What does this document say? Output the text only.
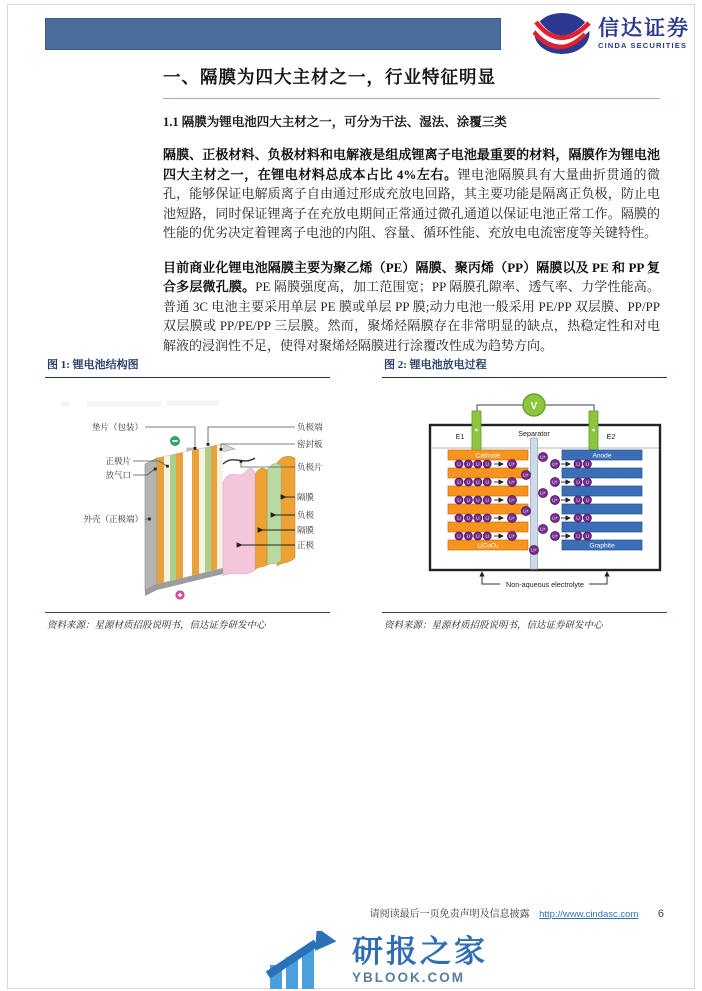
信达证券
CINDA SECURITIES
一、隔膜为四大主材之一，行业特征明显
1.1 隔膜为锂电池四大主材之一，可分为干法、湿法、涂覆三类

隔膜、正极材料、负极材料和电解液是组成锂离子电池最重要的材料，隔膜作为锂电池四大主材之一，在锂电材料总成本占比 4%左右。锂电池隔膜具有大量曲折贯通的微孔，能够保证电解质离子自由通过形成充放电回路，其主要功能是隔离正负极，防止电池短路，同时保证锂离子在充放电期间正常通过微孔通道以保证电池正常工作。隔膜的性能的优劣决定着锂离子电池的内阻、容量、循环性能、充放电电流密度等关键特性。

目前商业化锂电池隔膜主要为聚乙烯（PE）隔膜、聚丙烯（PP）隔膜以及 PE 和 PP 复合多层微孔膜。PE 隔膜强度高，加工范围宽；PP 隔膜孔隙率、透气率、力学性能高。普通 3C 电池主要采用单层 PE 膜或单层 PP 膜;动力电池一般采用 PE/PP 双层膜、PP/PP 双层膜或 PP/PE/PP 三层膜。然而，聚烯烃隔膜存在非常明显的缺点，热稳定性和对电解液的浸润性不足，使得对聚烯烃隔膜进行涂覆改性成为趋势方向。

图 1: 锂电池结构图
垫片（包装）
正极片
放气口
外壳（正极端）
负极端
密封板
负极片
隔膜
负极
隔膜
正极
资料来源：星源材质招股说明书，信达证券研发中心
图 2: 锂电池放电过程
V
E1	E2
Separator
Cathode
LiCoO₂
Anode
Graphite
Li Li Li Li	Li+
Li Li Li Li	Li+
Li Li Li Li	Li+
Li Li Li Li	Li+
Li Li Li Li	Li+
Li+
Li+
Li+
Li+
Li+
Li+
Li+	Li Li
Li+	Li Li
Li+	Li Li
Li+	Li Li
Li+	Li Li
Non-aqueous electrolyte
资料来源：星源材质招股说明书，信达证券研发中心
请阅读最后一页免责声明及信息披露 http://www.cindasc.com 6
研报之家
YBLOOK.COM
